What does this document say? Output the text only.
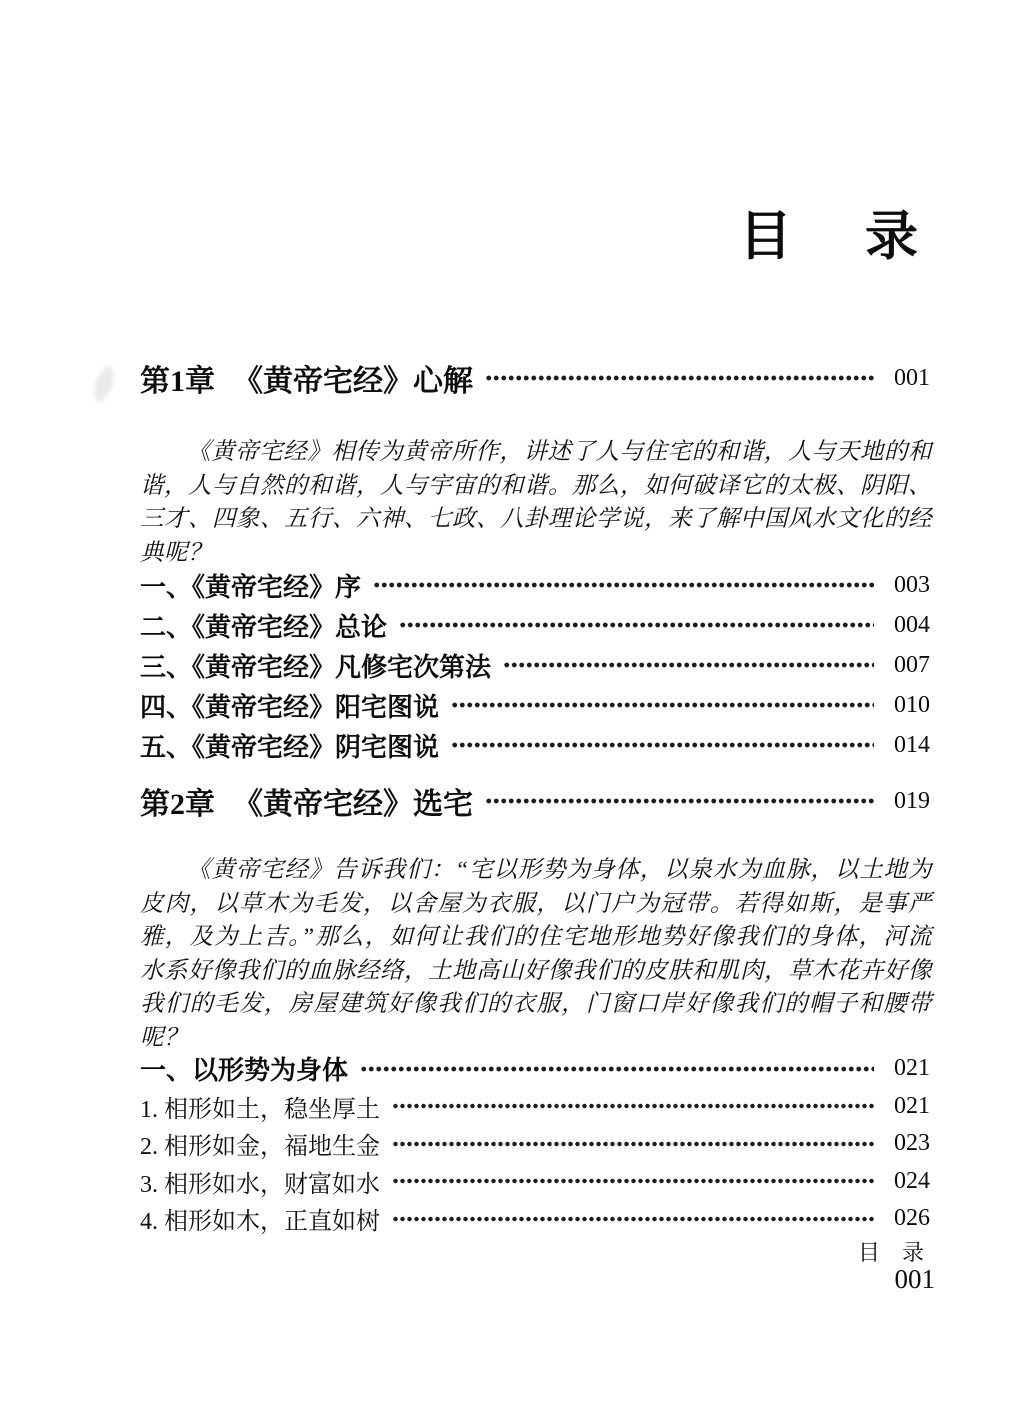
目　录
第1章 《黄帝宅经》心解	001
《黄帝宅经》相传为黄帝所作，讲述了人与住宅的和谐，人与天地的和谐，人与自然的和谐，人与宇宙的和谐。那么，如何破译它的太极、阴阳、三才、四象、五行、六神、七政、八卦理论学说，来了解中国风水文化的经典呢？
一、《黄帝宅经》序	003
二、《黄帝宅经》总论	004
三、《黄帝宅经》凡修宅次第法	007
四、《黄帝宅经》阳宅图说	010
五、《黄帝宅经》阴宅图说	014
第2章 《黄帝宅经》选宅	019
《黄帝宅经》告诉我们：“宅以形势为身体，以泉水为血脉，以土地为皮肉，以草木为毛发，以舍屋为衣服，以门户为冠带。若得如斯，是事严雅，及为上吉。”那么，如何让我们的住宅地形地势好像我们的身体，河流水系好像我们的血脉经络，土地高山好像我们的皮肤和肌肉，草木花卉好像我们的毛发，房屋建筑好像我们的衣服，门窗口岸好像我们的帽子和腰带呢？
一、以形势为身体	021
1. 相形如土，稳坐厚土	021
2. 相形如金，福地生金	023
3. 相形如水，财富如水	024
4. 相形如木，正直如树	026
目　录
001
